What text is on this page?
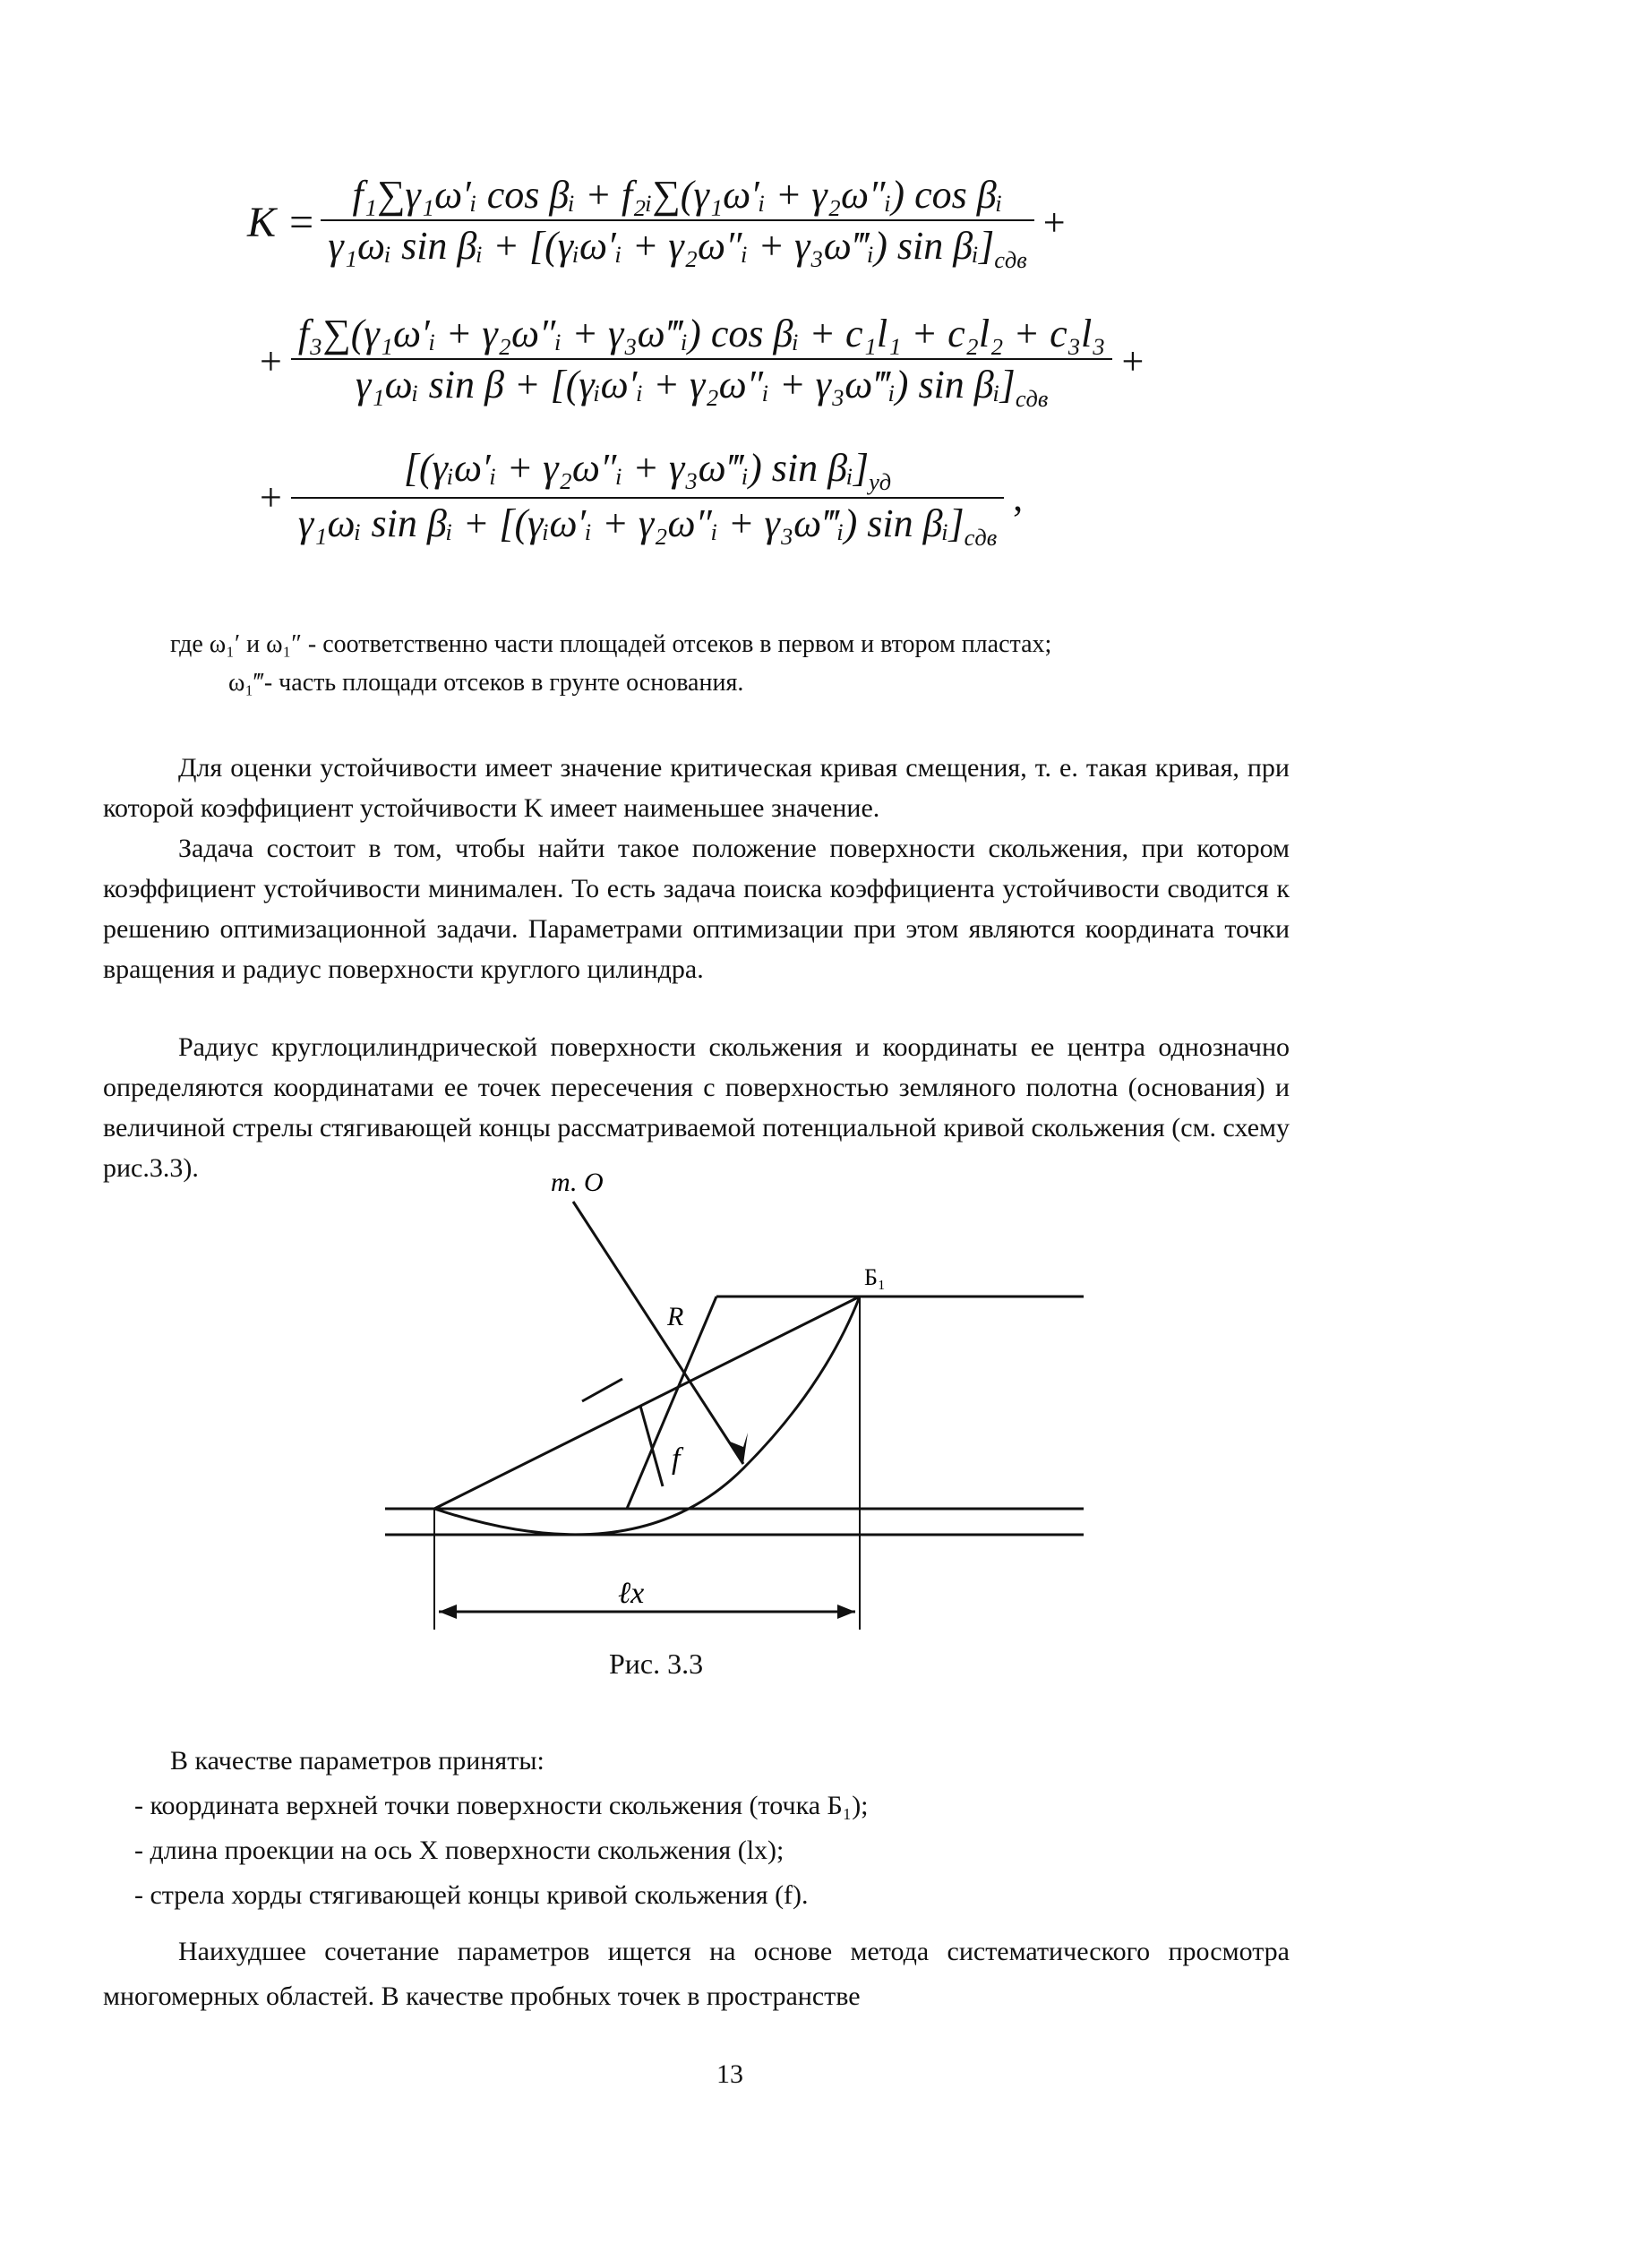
$K = \frac{\text{f₁∑γ₁ω′ᵢ cos βᵢ + f₂ᵢ∑(γ₁ω′ᵢ + γ₂ω″ᵢ) cos βᵢ}}{\gamma_1\omega ᵢ \sin \beta ᵢ + [(\gamma ᵢ\omega'ᵢ + \gamma_2\omega''ᵢ + \gamma_3\omega‴ᵢ) \sin \beta ᵢ]_{сдв}}$ +
+ $\frac{\text{f₃∑(γ₁ω′ᵢ + γ₂ω″ᵢ + γ₃ω‴ᵢ) cos βᵢ + c₁l₁ + c₂l₂ + c₃l₃}}{\gamma_1\omega ᵢ \sin \beta + [(\gamma ᵢ\omega'ᵢ + \gamma_2\omega''ᵢ + \gamma_3\omega‴ᵢ) \sin \beta ᵢ]_{сдв}}$ +
+ $\frac{[(\gamma ᵢ\omega'ᵢ + \gamma_2\omega''ᵢ + \gamma_3\omega‴ᵢ) \sin \beta ᵢ]_{уд}}{\gamma_1\omega ᵢ \sin \beta ᵢ + [(\gamma ᵢ\omega'ᵢ + \gamma_2\omega''ᵢ + \gamma_3\omega‴ᵢ) \sin \beta ᵢ]_{сдв}}$ ,
где ω₁′ и ω₁″ - соответственно части площадей отсеков в первом и втором пластах;
ω₁‴- часть площади отсеков в грунте основания.
Для оценки устойчивости имеет значение критическая кривая смещения, т. е. такая кривая, при которой коэффициент устойчивости K имеет наименьшее значение.
Задача состоит в том, чтобы найти такое положение поверхности скольжения, при котором коэффициент устойчивости минимален. То есть задача поиска коэффициента устойчивости сводится к решению оптимизационной задачи. Параметрами оптимизации при этом являются координата точки вращения и радиус поверхности круглого цилиндра.
Радиус круглоцилиндрической поверхности скольжения и координаты ее центра однозначно определяются координатами ее точек пересечения с поверхностью земляного полотна (основания) и величиной стрелы стягивающей концы рассматриваемой потенциальной кривой скольжения (см. схему рис.3.3).	т. О
R
Б₁
f
ℓx
Рис. 3.3
В качестве параметров приняты:
- координата верхней точки поверхности скольжения (точка Б₁);
- длина проекции на ось X поверхности скольжения (lx);
- стрела хорды стягивающей концы кривой скольжения (f).
Наихудшее сочетание параметров ищется на основе метода систематического просмотра многомерных областей. В качестве пробных точек в пространстве
13
